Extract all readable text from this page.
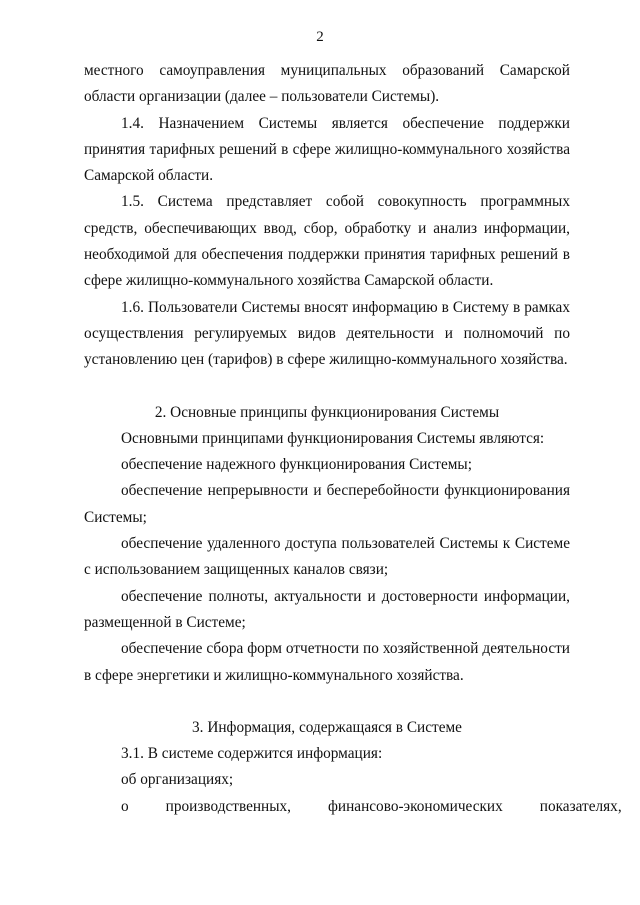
2

местного самоуправления муниципальных образований Самарской области организации (далее – пользователи Системы).

1.4. Назначением Системы является обеспечение поддержки принятия тарифных решений в сфере жилищно-коммунального хозяйства Самарской области.

1.5. Система представляет собой совокупность программных средств, обеспечивающих ввод, сбор, обработку и анализ информации, необходимой для обеспечения поддержки принятия тарифных решений в сфере жилищно-коммунального хозяйства Самарской области.

1.6. Пользователи Системы вносят информацию в Систему в рамках осуществления регулируемых видов деятельности и полномочий по установлению цен (тарифов) в сфере жилищно-коммунального хозяйства.

2. Основные принципы функционирования Системы

Основными принципами функционирования Системы являются:

обеспечение надежного функционирования Системы;

обеспечение непрерывности и бесперебойности функционирования Системы;

обеспечение удаленного доступа пользователей Системы к Системе с использованием защищенных каналов связи;

обеспечение полноты, актуальности и достоверности информации, размещенной в Системе;

обеспечение сбора форм отчетности по хозяйственной деятельности в сфере энергетики и жилищно-коммунального хозяйства.

3. Информация, содержащаяся в Системе

3.1. В системе содержится информация:

об организациях;

о	производственных,	финансово-экономических	показателях,
